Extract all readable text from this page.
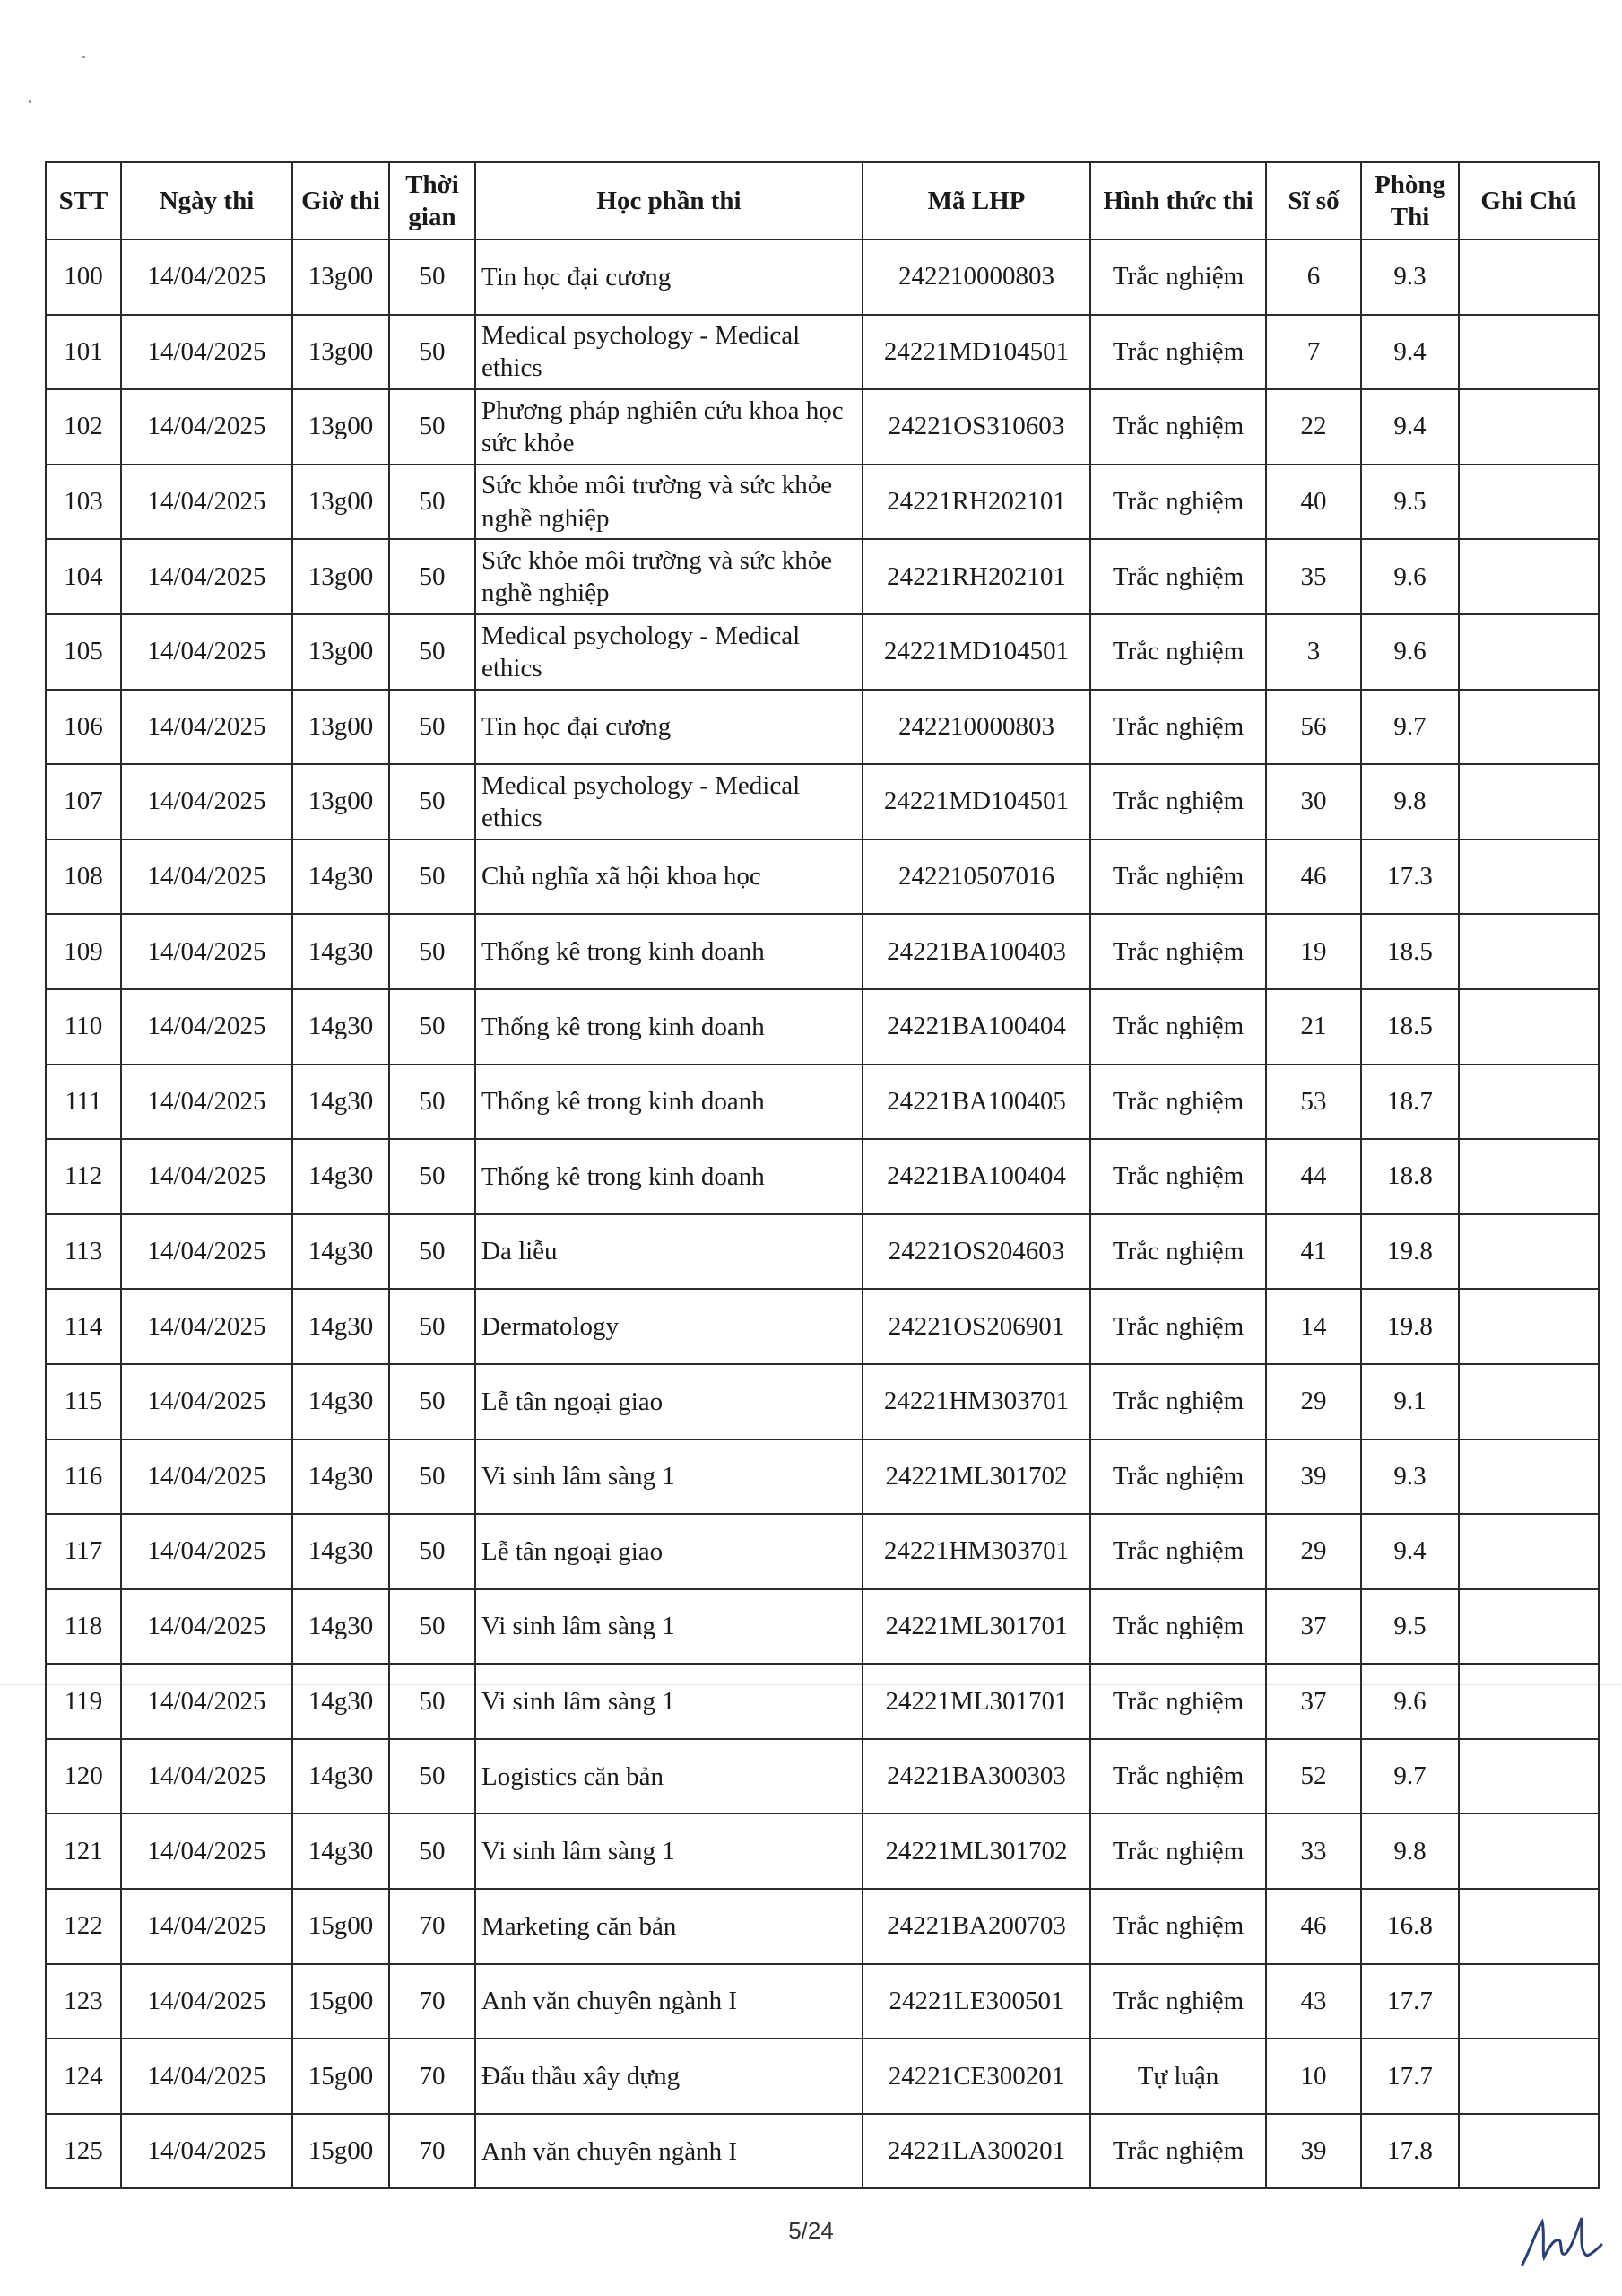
STT	Ngày thi	Giờ thi	Thời gian	Học phần thi	Mã LHP	Hình thức thi	Sĩ số	Phòng Thi	Ghi Chú
100	14/04/2025	13g00	50	Tin học đại cương	242210000803	Trắc nghiệm	6	9.3	
101	14/04/2025	13g00	50	Medical psychology - Medical ethics	24221MD104501	Trắc nghiệm	7	9.4	
102	14/04/2025	13g00	50	Phương pháp nghiên cứu khoa học sức khỏe	24221OS310603	Trắc nghiệm	22	9.4	
103	14/04/2025	13g00	50	Sức khỏe môi trường và sức khỏe nghề nghiệp	24221RH202101	Trắc nghiệm	40	9.5	
104	14/04/2025	13g00	50	Sức khỏe môi trường và sức khỏe nghề nghiệp	24221RH202101	Trắc nghiệm	35	9.6	
105	14/04/2025	13g00	50	Medical psychology - Medical ethics	24221MD104501	Trắc nghiệm	3	9.6	
106	14/04/2025	13g00	50	Tin học đại cương	242210000803	Trắc nghiệm	56	9.7	
107	14/04/2025	13g00	50	Medical psychology - Medical ethics	24221MD104501	Trắc nghiệm	30	9.8	
108	14/04/2025	14g30	50	Chủ nghĩa xã hội khoa học	242210507016	Trắc nghiệm	46	17.3	
109	14/04/2025	14g30	50	Thống kê trong kinh doanh	24221BA100403	Trắc nghiệm	19	18.5	
110	14/04/2025	14g30	50	Thống kê trong kinh doanh	24221BA100404	Trắc nghiệm	21	18.5	
111	14/04/2025	14g30	50	Thống kê trong kinh doanh	24221BA100405	Trắc nghiệm	53	18.7	
112	14/04/2025	14g30	50	Thống kê trong kinh doanh	24221BA100404	Trắc nghiệm	44	18.8	
113	14/04/2025	14g30	50	Da liễu	24221OS204603	Trắc nghiệm	41	19.8	
114	14/04/2025	14g30	50	Dermatology	24221OS206901	Trắc nghiệm	14	19.8	
115	14/04/2025	14g30	50	Lễ tân ngoại giao	24221HM303701	Trắc nghiệm	29	9.1	
116	14/04/2025	14g30	50	Vi sinh lâm sàng 1	24221ML301702	Trắc nghiệm	39	9.3	
117	14/04/2025	14g30	50	Lễ tân ngoại giao	24221HM303701	Trắc nghiệm	29	9.4	
118	14/04/2025	14g30	50	Vi sinh lâm sàng 1	24221ML301701	Trắc nghiệm	37	9.5	
119	14/04/2025	14g30	50	Vi sinh lâm sàng 1	24221ML301701	Trắc nghiệm	37	9.6	
120	14/04/2025	14g30	50	Logistics căn bản	24221BA300303	Trắc nghiệm	52	9.7	
121	14/04/2025	14g30	50	Vi sinh lâm sàng 1	24221ML301702	Trắc nghiệm	33	9.8	
122	14/04/2025	15g00	70	Marketing căn bản	24221BA200703	Trắc nghiệm	46	16.8	
123	14/04/2025	15g00	70	Anh văn chuyên ngành I	24221LE300501	Trắc nghiệm	43	17.7	
124	14/04/2025	15g00	70	Đấu thầu xây dựng	24221CE300201	Tự luận	10	17.7	
125	14/04/2025	15g00	70	Anh văn chuyên ngành I	24221LA300201	Trắc nghiệm	39	17.8	
5/24
